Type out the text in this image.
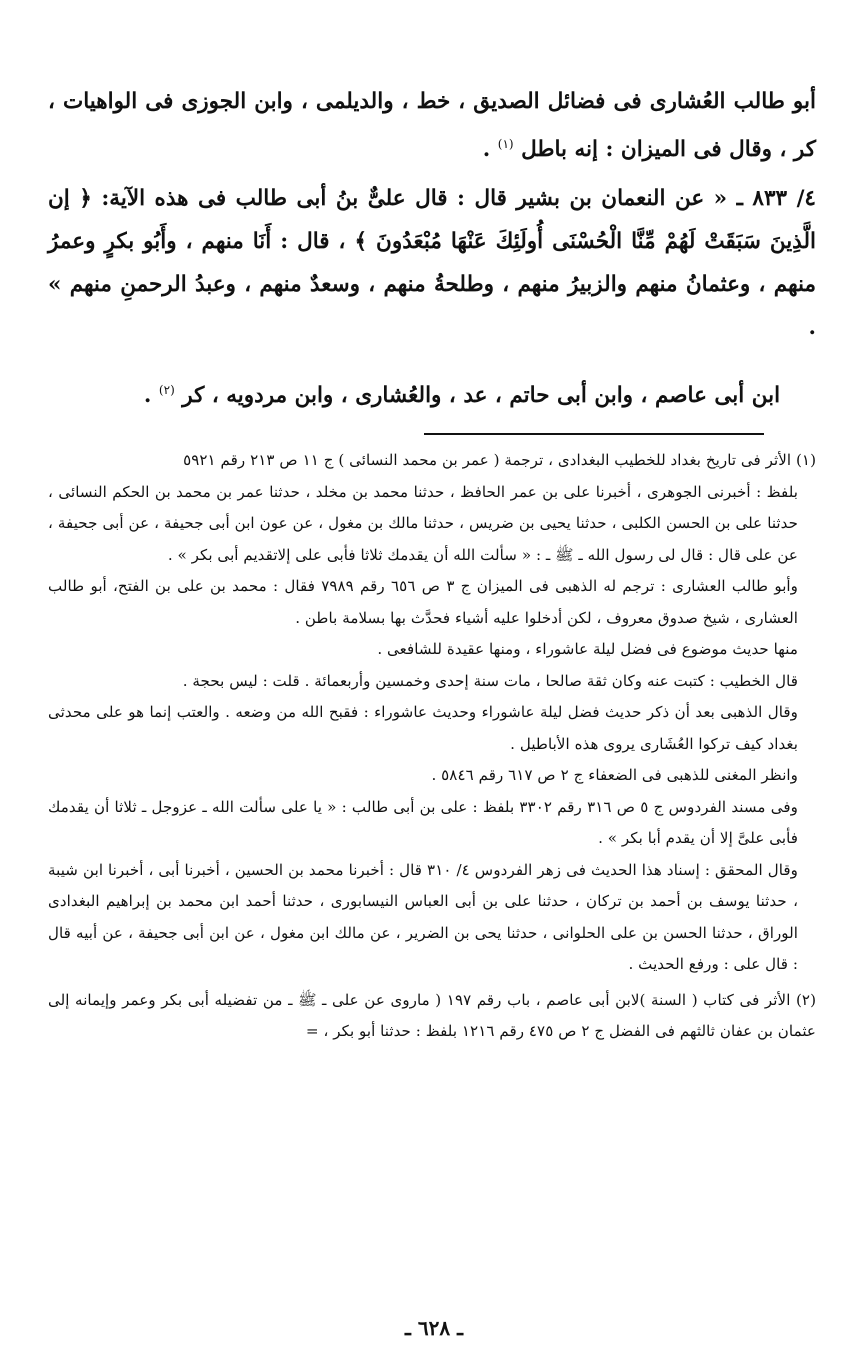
أبو طالب العُشارى فى فضائل الصديق ، خط ، والديلمى ، وابن الجوزى فى الواهيات ، كر ، وقال فى الميزان : إنه باطل $^{(١)}$ .

٤/ ٨٣٣ ـ « عن النعمان بن بشير قال : قال علىٌّ بنُ أبى طالب فى هذه الآية: ﴿ إن الَّذِينَ سَبَقَتْ لَهُمْ مِّنَّا الْحُسْنَى أُولَئِكَ عَنْهَا مُبْعَدُونَ ﴾ ، قال : أَنَا منهم ، وأَبُو بكرٍ وعمرُ منهم ، وعثمانُ منهم والزبيرُ منهم ، وطلحةُ منهم ، وسعدٌ منهم ، وعبدُ الرحمنِ منهم » .

ابن أبى عاصم ، وابن أبى حاتم ، عد ، والعُشارى ، وابن مردويه ، كر $^{(٢)}$ .

(١) الأثر فى تاريخ بغداد للخطيب البغدادى ، ترجمة ( عمر بن محمد النسائى ) ج ١١ ص ٢١٣ رقم ٥٩٢١

بلفظ : أخبرنى الجوهرى ، أخبرنا على بن عمر الحافظ ، حدثنا محمد بن مخلد ، حدثنا عمر بن محمد بن الحكم النسائى ، حدثنا على بن الحسن الكلبى ، حدثنا يحيى بن ضريس ، حدثنا مالك بن مغول ، عن عون ابن أبى جحيفة ، عن أبى جحيفة ، عن على قال : قال لى رسول الله ـ ﷺ ـ : « سألت الله أن يقدمك ثلاثا فأبى على إلاتقديم أبى بكر » .

وأبو طالب العشارى : ترجم له الذهبى فى الميزان ج ٣ ص ٦٥٦ رقم ٧٩٨٩ فقال : محمد بن على بن الفتح، أبو طالب العشارى ، شيخ صدوق معروف ، لكن أدخلوا عليه أشياء فحدَّث بها بسلامة باطن .

منها حديث موضوع فى فضل ليلة عاشوراء ، ومنها عقيدة للشافعى .

قال الخطيب : كتبت عنه وكان ثقة صالحا ، مات سنة إحدى وخمسين وأربعمائة . قلت : ليس بحجة .

وقال الذهبى بعد أن ذكر حديث فضل ليلة عاشوراء وحديث عاشوراء : فقبح الله من وضعه . والعتب إنما هو على محدثى بغداد كيف تركوا العُشَارى يروى هذه الأباطيل .

وانظر المغنى للذهبى فى الضعفاء ج ٢ ص ٦١٧ رقم ٥٨٤٦ .

وفى مسند الفردوس ج ٥ ص ٣١٦ رقم ٣٣٠٢ بلفظ : على بن أبى طالب : « يا على سألت الله ـ عزوجل ـ ثلاثا أن يقدمك فأبى علىَّ إلا أن يقدم أبا بكر » .

وقال المحقق : إسناد هذا الحديث فى زهر الفردوس ٤/ ٣١٠ قال : أخبرنا محمد بن الحسين ، أخبرنا أبى ، أخبرنا ابن شيبة ، حدثنا يوسف بن أحمد بن تركان ، حدثنا على بن أبى العباس النيسابورى ، حدثنا أحمد ابن محمد بن إبراهيم البغدادى الوراق ، حدثنا الحسن بن على الحلوانى ، حدثنا يحى بن الضرير ، عن مالك ابن مغول ، عن ابن أبى جحيفة ، عن أبيه قال : قال على : ورفع الحديث .

(٢) الأثر فى كتاب ( السنة )لابن أبى عاصم ، باب رقم ١٩٧ ( ماروى عن على ـ ﷺ ـ من تفضيله أبى بكر وعمر وإيمانه إلى عثمان بن عفان ثالثهم فى الفضل ج ٢ ص ٤٧٥ رقم ١٢١٦ بلفظ : حدثنا أبو بكر ، =

ـ ٦٢٨ ـ
